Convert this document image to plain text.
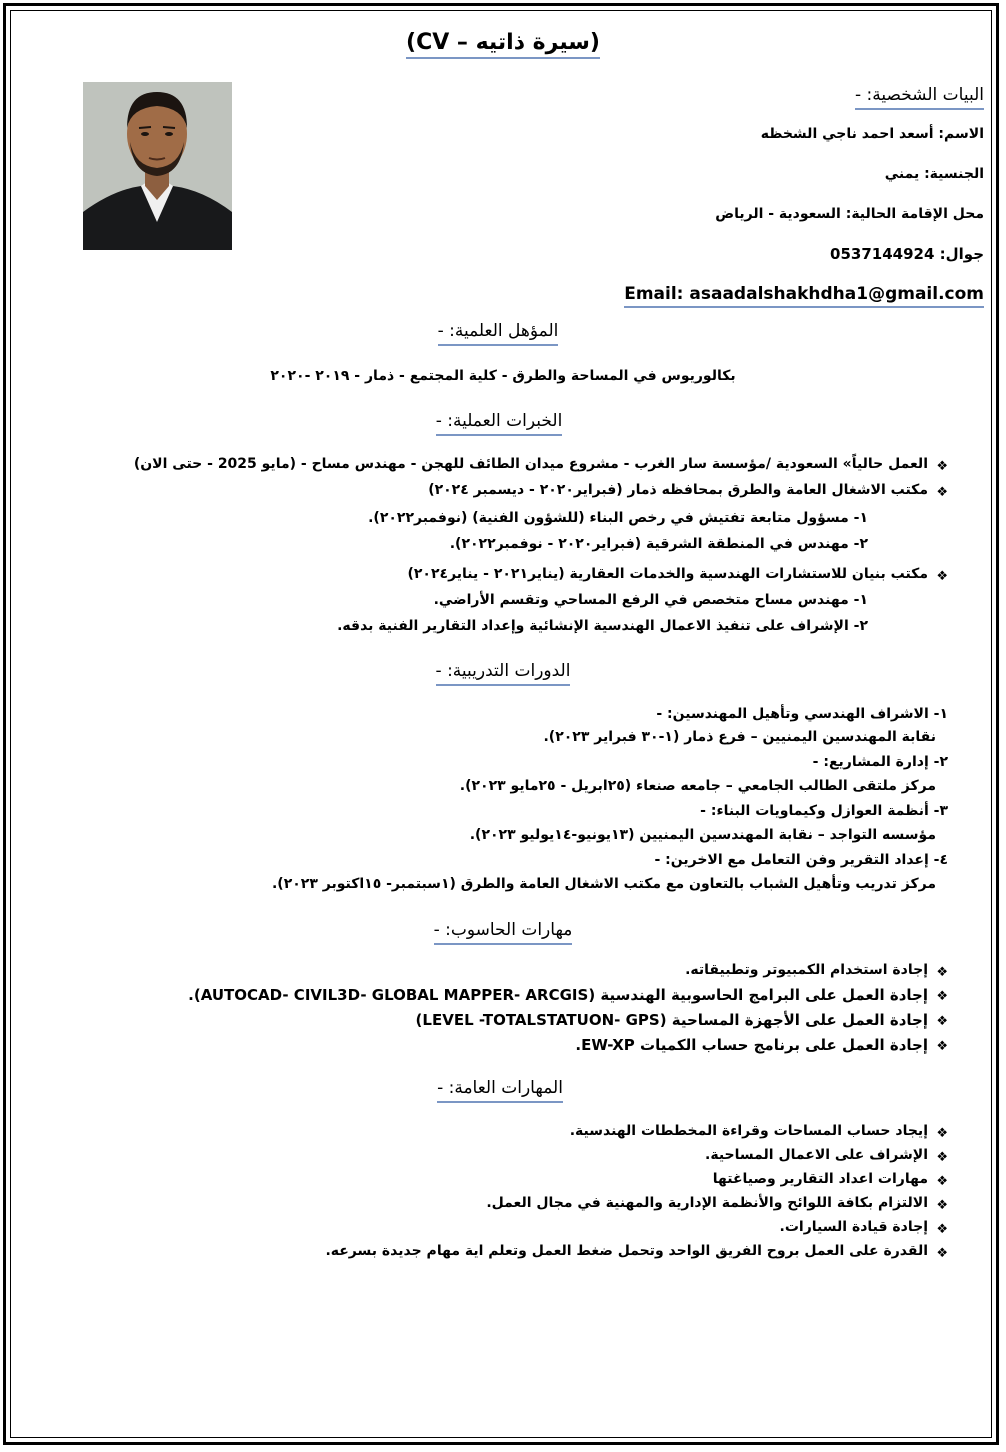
(سيرة ذاتيه – CV)
البيات الشخصية: -
الاسم: أسعد احمد ناجي الشخظه
الجنسية: يمني
محل الإقامة الحالية: السعودية - الرياض
جوال: 0537144924
Email: asaadalshakhdha1@gmail.com
المؤهل العلمية: -
بكالوريوس في المساحة والطرق - كلية المجتمع - ذمار - ٢٠١٩ -٢٠٢٠
الخبرات العملية: -
❖
العمل حالياً» السعودية /مؤسسة سار الغرب - مشروع ميدان الطائف للهجن - مهندس مساح - (مايو 2025 - حتى الان)
❖
مكتب الاشغال العامة والطرق بمحافظه ذمار (فبراير٢٠٢٠ - ديسمبر ٢٠٢٤)
١- مسؤول متابعة تفتيش في رخص البناء (للشؤون الفنية) (نوفمبر٢٠٢٢).
٢- مهندس في المنطقة الشرقية (فبراير٢٠٢٠ - نوفمبر٢٠٢٢).
❖
مكتب بنيان للاستشارات الهندسية والخدمات العقارية (يناير٢٠٢١ - يناير٢٠٢٤)
١- مهندس مساح متخصص في الرفع المساحي وتقسم الأراضي.
٢- الإشراف على تنفيذ الاعمال الهندسية الإنشائية وإعداد التقارير الفنية بدقه.
الدورات التدريبية: -
١- الاشراف الهندسي وتأهيل المهندسين: -
نقابة المهندسين اليمنيين – فرع ذمار (١-٣٠ فبراير ٢٠٢٣).
٢- إدارة المشاريع: -
مركز ملتقى الطالب الجامعي – جامعه صنعاء (٢٥ابريل - ٢٥مايو ٢٠٢٣).
٣- أنظمة العوازل وكيماويات البناء: -
مؤسسه التواجد – نقابة المهندسين اليمنيين (١٣يونيو-١٤يوليو ٢٠٢٣).
٤- إعداد التقرير وفن التعامل مع الاخرين: -
مركز تدريب وتأهيل الشباب بالتعاون مع مكتب الاشغال العامة والطرق (١سبتمبر- ١٥اكتوبر ٢٠٢٣).
مهارات الحاسوب: -
❖
إجادة استخدام الكمبيوتر وتطبيقاته.
❖
إجادة العمل على البرامج الحاسوبية الهندسية (AUTOCAD- CIVIL3D- GLOBAL MAPPER- ARCGIS).
❖
إجادة العمل على الأجهزة المساحية (LEVEL -TOTALSTATUON- GPS)
❖
إجادة العمل على برنامج حساب الكميات EW-XP.
المهارات العامة: -
❖
إيجاد حساب المساحات وقراءة المخططات الهندسية.
❖
الإشراف على الاعمال المساحية.
❖
مهارات اعداد التقارير وصياغتها
❖
الالتزام بكافة اللوائح والأنظمة الإدارية والمهنية في مجال العمل.
❖
إجادة قيادة السيارات.
❖
القدرة على العمل بروح الفريق الواحد وتحمل ضغط العمل وتعلم اية مهام جديدة بسرعه.
